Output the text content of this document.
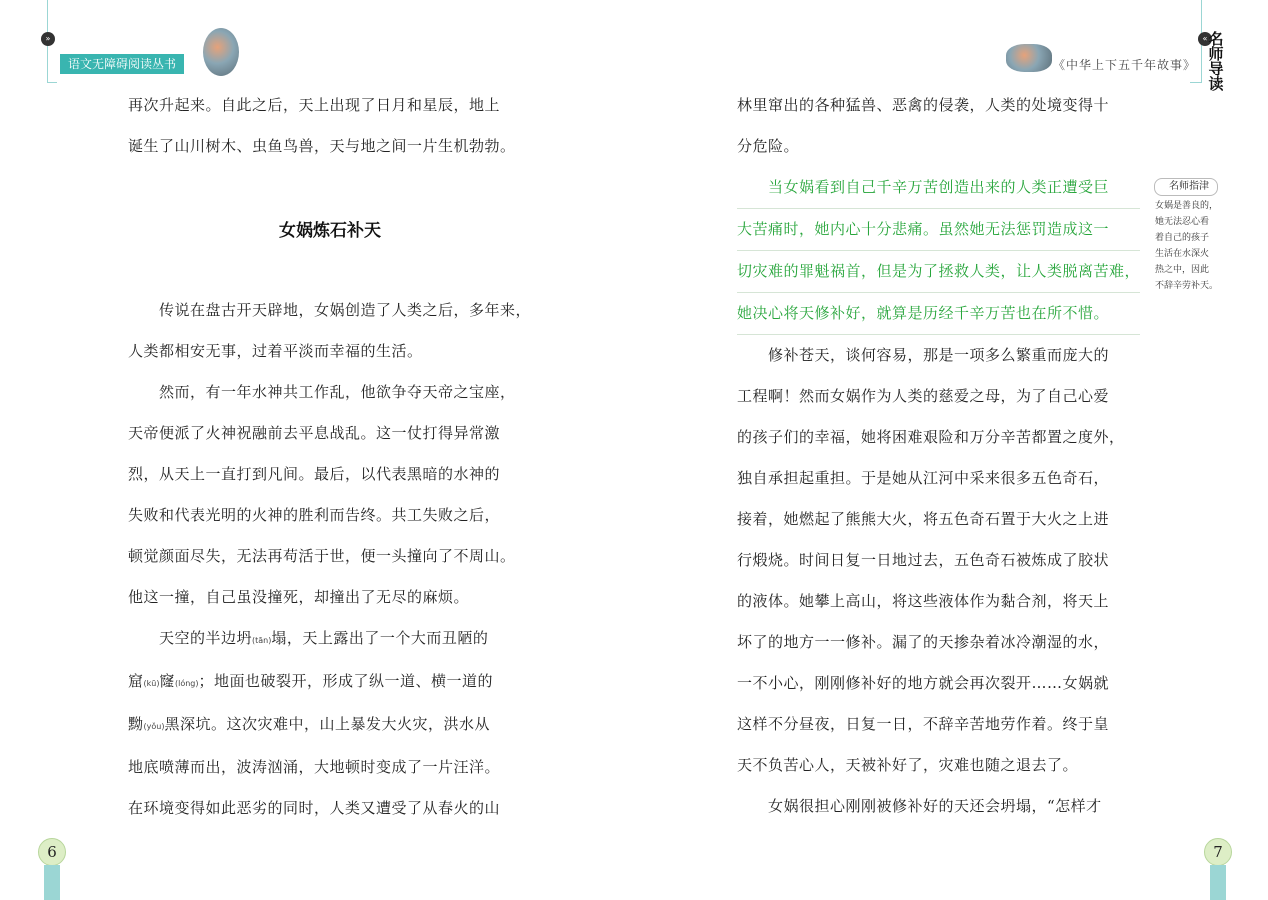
»
语文无障碍阅读丛书

再次升起来。自此之后，天上出现了日月和星辰，地上

诞生了山川树木、虫鱼鸟兽，天与地之间一片生机勃勃。

女娲炼石补天

传说在盘古开天辟地，女娲创造了人类之后，多年来，

人类都相安无事，过着平淡而幸福的生活。

然而，有一年水神共工作乱，他欲争夺天帝之宝座，

天帝便派了火神祝融前去平息战乱。这一仗打得异常激

烈，从天上一直打到凡间。最后，以代表黑暗的水神的

失败和代表光明的火神的胜利而告终。共工失败之后，

顿觉颜面尽失，无法再苟活于世，便一头撞向了不周山。

他这一撞，自己虽没撞死，却撞出了无尽的麻烦。

天空的半边坍(tān)塌，天上露出了一个大而丑陋的

窟(kū)窿(lóng)；地面也破裂开，形成了纵一道、横一道的

黝(yǒu)黑深坑。这次灾难中，山上暴发大火灾，洪水从

地底喷薄而出，波涛汹涌，大地顿时变成了一片汪洋。

在环境变得如此恶劣的同时，人类又遭受了从春火的山

6
《中华上下五千年故事》
« 名
师
导
读

林里窜出的各种猛兽、恶禽的侵袭，人类的处境变得十

分危险。

当女娲看到自己千辛万苦创造出来的人类正遭受巨

大苦痛时，她内心十分悲痛。虽然她无法惩罚造成这一

切灾难的罪魁祸首，但是为了拯救人类，让人类脱离苦难，

她决心将天修补好，就算是历经千辛万苦也在所不惜。

修补苍天，谈何容易，那是一项多么繁重而庞大的

工程啊！然而女娲作为人类的慈爱之母，为了自己心爱

的孩子们的幸福，她将困难艰险和万分辛苦都置之度外，

独自承担起重担。于是她从江河中采来很多五色奇石，

接着，她燃起了熊熊大火，将五色奇石置于大火之上进

行煅烧。时间日复一日地过去，五色奇石被炼成了胶状

的液体。她攀上高山，将这些液体作为黏合剂，将天上

坏了的地方一一修补。漏了的天掺杂着冰冷潮湿的水，

一不小心，刚刚修补好的地方就会再次裂开……女娲就

这样不分昼夜，日复一日，不辞辛苦地劳作着。终于皇

天不负苦心人，天被补好了，灾难也随之退去了。

女娲很担心刚刚被修补好的天还会坍塌，“怎样才

名师指津

女娲是善良的，

她无法忍心看

着自己的孩子

生活在水深火

热之中，因此

不辞辛劳补天。

7
